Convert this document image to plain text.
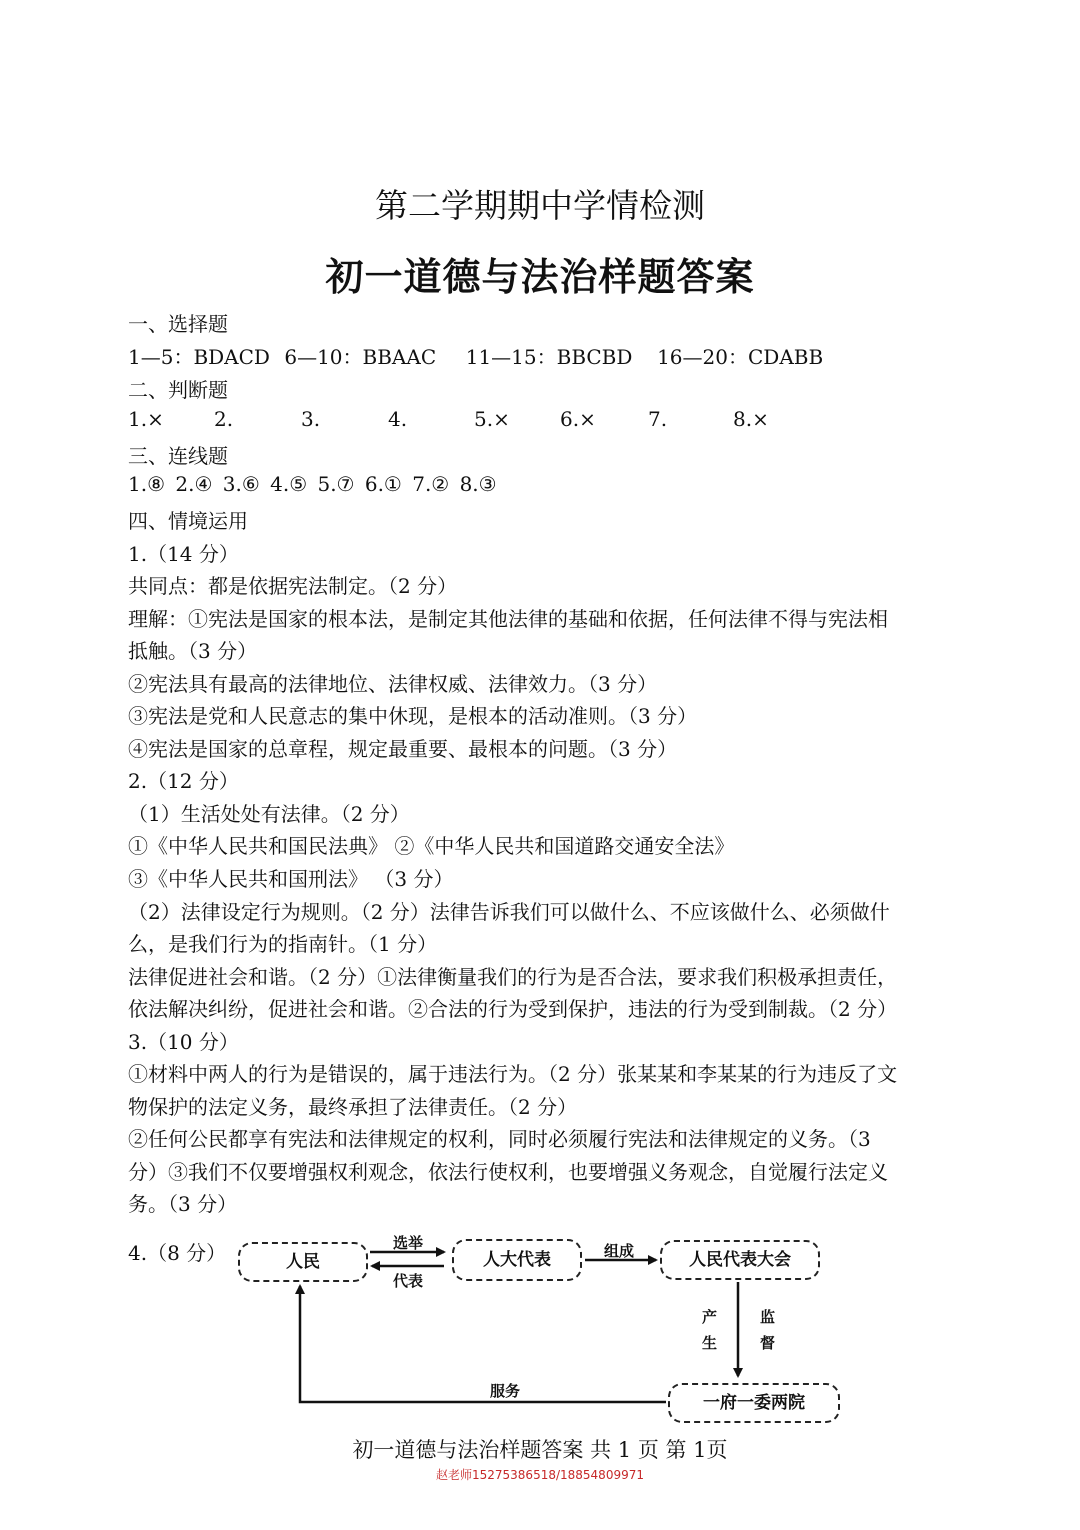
第二学期期中学情检测
初一道德与法治样题答案
一、选择题
1—5：BDACD 6—10：BBAAC 11—15：BBCBD 16—20：CDABB
二、判断题
1.×	2.	3.	4.	5.×	6.×	7.	8.×
三、连线题
1.⑧ 2.④ 3.⑥ 4.⑤ 5.⑦ 6.① 7.② 8.③
四、情境运用
1.（14 分）
共同点：都是依据宪法制定。（2 分）
理解：①宪法是国家的根本法，是制定其他法律的基础和依据，任何法律不得与宪法相
抵触。（3 分）
②宪法具有最高的法律地位、法律权威、法律效力。（3 分）
③宪法是党和人民意志的集中休现，是根本的活动准则。（3 分）
④宪法是国家的总章程，规定最重要、最根本的问题。（3 分）
2.（12 分）
（1）生活处处有法律。（2 分）
①《中华人民共和国民法典》 ②《中华人民共和国道路交通安全法》
③《中华人民共和国刑法》 （3 分）
（2）法律设定行为规则。（2 分）法律告诉我们可以做什么、不应该做什么、必须做什
么，是我们行为的指南针。（1 分）
法律促进社会和谐。（2 分）①法律衡量我们的行为是否合法，要求我们积极承担责任，
依法解决纠纷，促进社会和谐。②合法的行为受到保护，违法的行为受到制裁。（2 分）
3.（10 分）
①材料中两人的行为是错误的，属于违法行为。（2 分）张某某和李某某的行为违反了文
物保护的法定义务，最终承担了法律责任。（2 分）
②任何公民都享有宪法和法律规定的权利，同时必须履行宪法和法律规定的义务。（3
分）③我们不仅要增强权利观念，依法行使权利，也要增强义务观念，自觉履行法定义
务。（3 分）
4.（8 分）	人民	人大代表	人民代表大会
一府一委两院
选举
代表
组成
产
生
监
督
服务
初一道德与法治样题答案 共 1 页 第 1页
赵老师15275386518/18854809971
